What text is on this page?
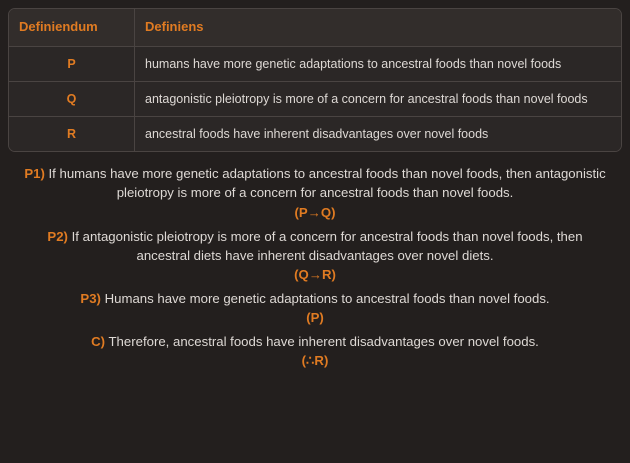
Definiendum	Definiens
P	humans have more genetic adaptations to ancestral foods than novel foods
Q	antagonistic pleiotropy is more of a concern for ancestral foods than novel foods
R	ancestral foods have inherent disadvantages over novel foods
P1) If humans have more genetic adaptations to ancestral foods than novel foods, then antagonistic pleiotropy is more of a concern for ancestral foods than novel foods.
(P→Q)
P2) If antagonistic pleiotropy is more of a concern for ancestral foods than novel foods, then ancestral diets have inherent disadvantages over novel diets.
(Q→R)
P3) Humans have more genetic adaptations to ancestral foods than novel foods.
(P)
C) Therefore, ancestral foods have inherent disadvantages over novel foods.
(∴R)
